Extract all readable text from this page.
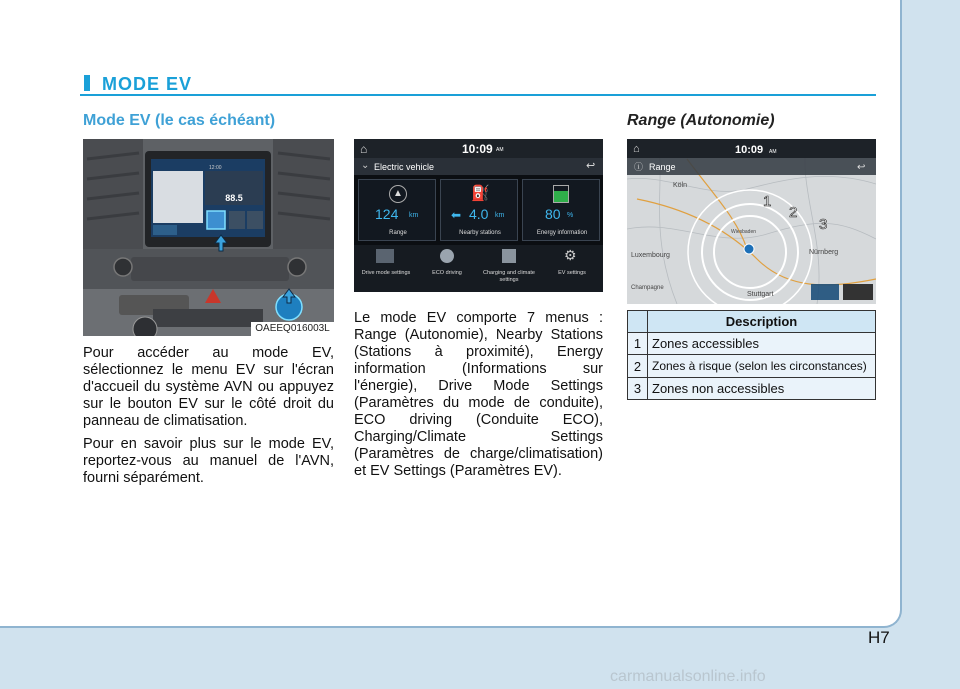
MODE EV
Mode EV (le cas échéant)
88.5
12:00
OAEEQ016003L

Pour accéder au mode EV, sélectionnez le menu EV sur l'écran d'accueil du système AVN ou appuyez sur le bouton EV sur le côté droit du panneau de climatisation.

Pour en savoir plus sur le mode EV, reportez-vous au manuel de l'AVN, fourni séparément.

⌂	10:09 AM
⌄ Electric vehicle	↩
▲
124 km
Range
⛽
⬅ 4.0 km
Nearby stations
80 %
Energy information
Drive mode settings	ECO driving	Charging and climate settings
⚙
EV settings
Le mode EV comporte 7 menus : Range (Autonomie), Nearby Stations (Stations à proximité), Energy information (Informations sur l'énergie), Drive Mode Settings (Paramètres du mode de conduite), ECO driving (Conduite ECO), Charging/Climate Settings (Paramètres de charge/climatisation) et EV Settings (Paramètres EV).
Range (Autonomie)
⌂	10:09 AM
Range
ⓘ	↩
Köln
Luxembourg	Nürnberg
Stuttgart
Champagne
Wiesbaden
1
2
3
	Description
1	Zones accessibles
2	Zones à risque (selon les circonstances)
3	Zones non accessibles
H7
carmanualsonline.info
